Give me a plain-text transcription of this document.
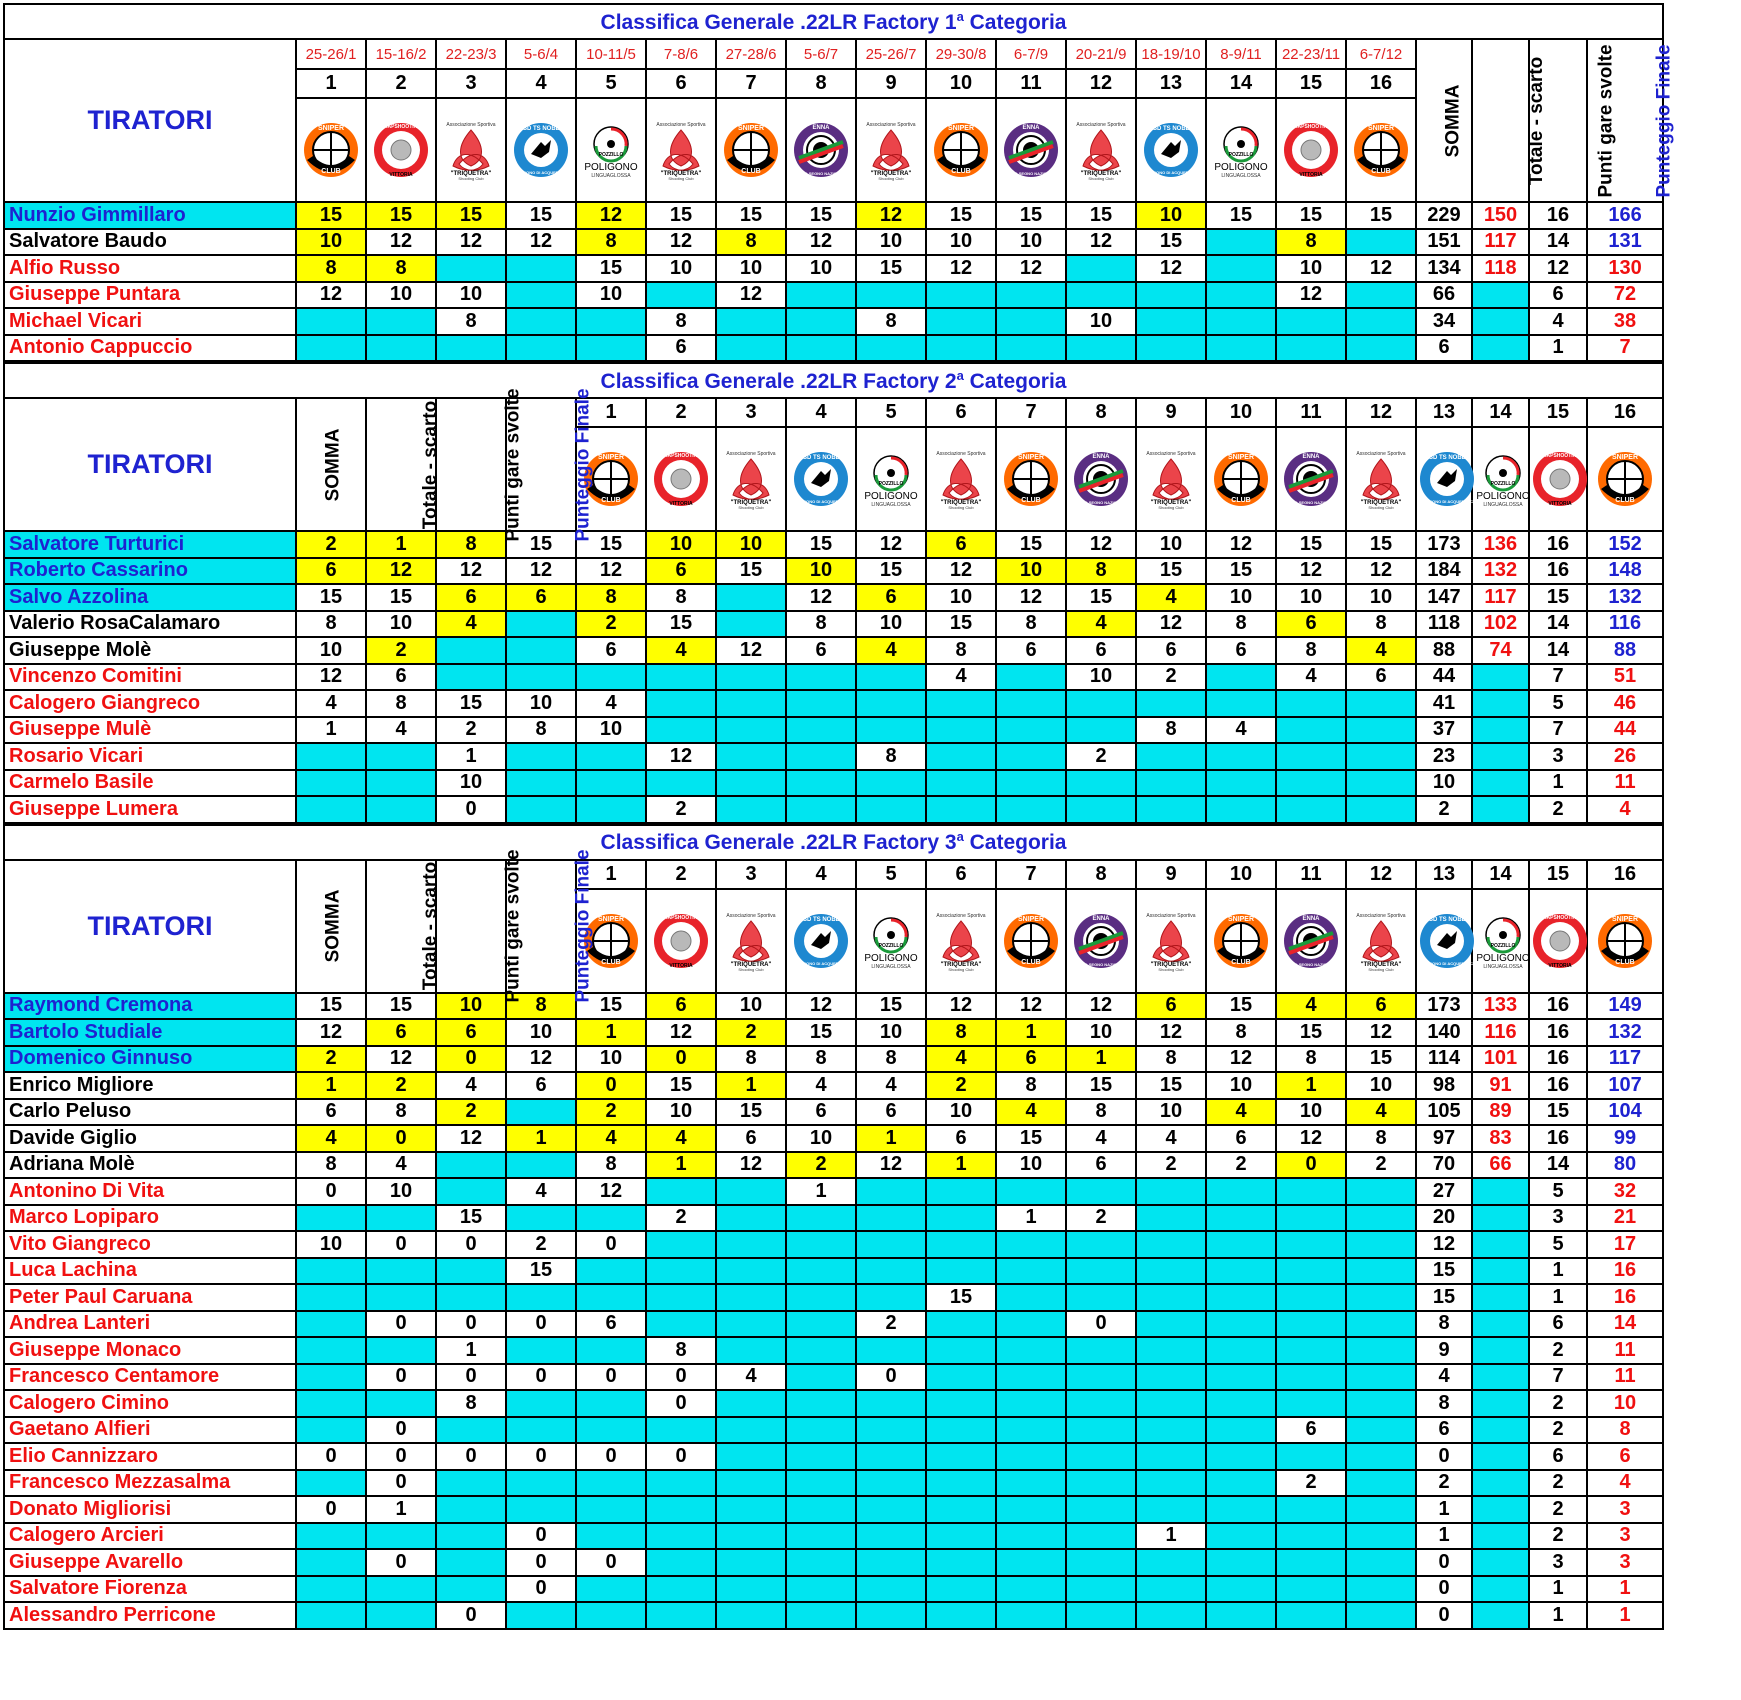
Classifica Generale .22LR Factory 1$^a$ Categoria																				
TIRATORI	25-26/1	15-16/2	22-23/3	5-6/4	10-11/5	7-8/6	27-28/6	5-6/7	25-26/7	29-30/8	6-7/9	20-21/9	18-19/10	8-9/11	22-23/11	6-7/12	SOMMA	Totale - scarto	Punti gare svolte	Punteggio Finale
	1	2	3	4	5	6	7	8	9	10	11	12	13	14	15	16				

SNIPER
CLUB	TRAPSHOOTING
VITTORIA	Associazione Sportiva
"TRIQUETRA"
Shooting Club	ASD TS NOBEL
POLIGONO DI ACQUEDOLCI	POZZILLO
POLIGONO
LINGUAGLOSSA	Associazione Sportiva
"TRIQUETRA"
Shooting Club	SNIPER
CLUB	ENNA
TIRO A SEGNO NAZIONALE	Associazione Sportiva
"TRIQUETRA"
Shooting Club	SNIPER
CLUB	ENNA
TIRO A SEGNO NAZIONALE	Associazione Sportiva
"TRIQUETRA"
Shooting Club	ASD TS NOBEL
POLIGONO DI ACQUEDOLCI	POZZILLO
POLIGONO
LINGUAGLOSSA	TRAPSHOOTING
VITTORIA	SNIPER
CLUB				

Nunzio Gimmillaro	15	15	15	15	12	15	15	15	12	15	15	15	10	15	15	15	229	150	16	166
Salvatore Baudo	10	12	12	12	8	12	8	12	10	10	10	12	15		8		151	117	14	131
Alfio Russo	8	8			15	10	10	10	15	12	12		12		10	12	134	118	12	130
Giuseppe Puntara	12	10	10		10		12								12		66		6	72
Michael Vicari			8			8			8			10					34		4	38
Antonio Cappuccio						6											6		1	7
Classifica Generale .22LR Factory 2$^a$ Categoria																				
TIRATORI	SOMMA	Totale - scarto	Punti gare svolte	Punteggio Finale	1	2	3	4	5	6	7	8	9	10	11	12	13	14	15	16

SNIPER
CLUB	TRAPSHOOTING
VITTORIA	Associazione Sportiva
"TRIQUETRA"
Shooting Club	ASD TS NOBEL
POLIGONO DI ACQUEDOLCI	POZZILLO
POLIGONO
LINGUAGLOSSA	Associazione Sportiva
"TRIQUETRA"
Shooting Club	SNIPER
CLUB	ENNA
TIRO A SEGNO NAZIONALE	Associazione Sportiva
"TRIQUETRA"
Shooting Club	SNIPER
CLUB	ENNA
TIRO A SEGNO NAZIONALE	Associazione Sportiva
"TRIQUETRA"
Shooting Club	ASD TS NOBEL
POLIGONO DI ACQUEDOLCI	POZZILLO
POLIGONO
LINGUAGLOSSA	TRAPSHOOTING
VITTORIA	SNIPER
CLUB

Salvatore Turturici	2	1	8	15	15	10	10	15	12	6	15	12	10	12	15	15	173	136	16	152
Roberto Cassarino	6	12	12	12	12	6	15	10	15	12	10	8	15	15	12	12	184	132	16	148
Salvo Azzolina	15	15	6	6	8	8		12	6	10	12	15	4	10	10	10	147	117	15	132
Valerio RosaCalamaro	8	10	4		2	15		8	10	15	8	4	12	8	6	8	118	102	14	116
Giuseppe Molè	10	2			6	4	12	6	4	8	6	6	6	6	8	4	88	74	14	88
Vincenzo Comitini	12	6								4		10	2		4	6	44		7	51
Calogero Giangreco	4	8	15	10	4												41		5	46
Giuseppe Mulè	1	4	2	8	10								8	4			37		7	44
Rosario Vicari			1			12			8			2					23		3	26
Carmelo Basile			10														10		1	11
Giuseppe Lumera			0			2											2		2	4
Classifica Generale .22LR Factory 3$^a$ Categoria																				
TIRATORI	SOMMA	Totale - scarto	Punti gare svolte	Punteggio Finale	1	2	3	4	5	6	7	8	9	10	11	12	13	14	15	16

SNIPER
CLUB	TRAPSHOOTING
VITTORIA	Associazione Sportiva
"TRIQUETRA"
Shooting Club	ASD TS NOBEL
POLIGONO DI ACQUEDOLCI	POZZILLO
POLIGONO
LINGUAGLOSSA	Associazione Sportiva
"TRIQUETRA"
Shooting Club	SNIPER
CLUB	ENNA
TIRO A SEGNO NAZIONALE	Associazione Sportiva
"TRIQUETRA"
Shooting Club	SNIPER
CLUB	ENNA
TIRO A SEGNO NAZIONALE	Associazione Sportiva
"TRIQUETRA"
Shooting Club	ASD TS NOBEL
POLIGONO DI ACQUEDOLCI	POZZILLO
POLIGONO
LINGUAGLOSSA	TRAPSHOOTING
VITTORIA	SNIPER
CLUB

Raymond Cremona	15	15	10	8	15	6	10	12	15	12	12	12	6	15	4	6	173	133	16	149
Bartolo Studiale	12	6	6	10	1	12	2	15	10	8	1	10	12	8	15	12	140	116	16	132
Domenico Ginnuso	2	12	0	12	10	0	8	8	8	4	6	1	8	12	8	15	114	101	16	117
Enrico Migliore	1	2	4	6	0	15	1	4	4	2	8	15	15	10	1	10	98	91	16	107
Carlo Peluso	6	8	2		2	10	15	6	6	10	4	8	10	4	10	4	105	89	15	104
Davide Giglio	4	0	12	1	4	4	6	10	1	6	15	4	4	6	12	8	97	83	16	99
Adriana Molè	8	4			8	1	12	2	12	1	10	6	2	2	0	2	70	66	14	80
Antonino Di Vita	0	10		4	12			1									27		5	32
Marco Lopiparo			15			2					1	2					20		3	21
Vito Giangreco	10	0	0	2	0												12		5	17
Luca Lachina				15													15		1	16
Peter Paul Caruana										15							15		1	16
Andrea Lanteri		0	0	0	6				2			0					8		6	14
Giuseppe Monaco			1			8											9		2	11
Francesco Centamore		0	0	0	0	0	4		0								4		7	11
Calogero Cimino			8			0											8		2	10
Gaetano Alfieri		0													6		6		2	8
Elio Cannizzaro	0	0	0	0	0	0											0		6	6
Francesco Mezzasalma		0													2		2		2	4
Donato Migliorisi	0	1															1		2	3
Calogero Arcieri				0									1				1		2	3
Giuseppe Avarello		0		0	0												0		3	3
Salvatore Fiorenza				0													0		1	1
Alessandro Perricone			0														0		1	1
